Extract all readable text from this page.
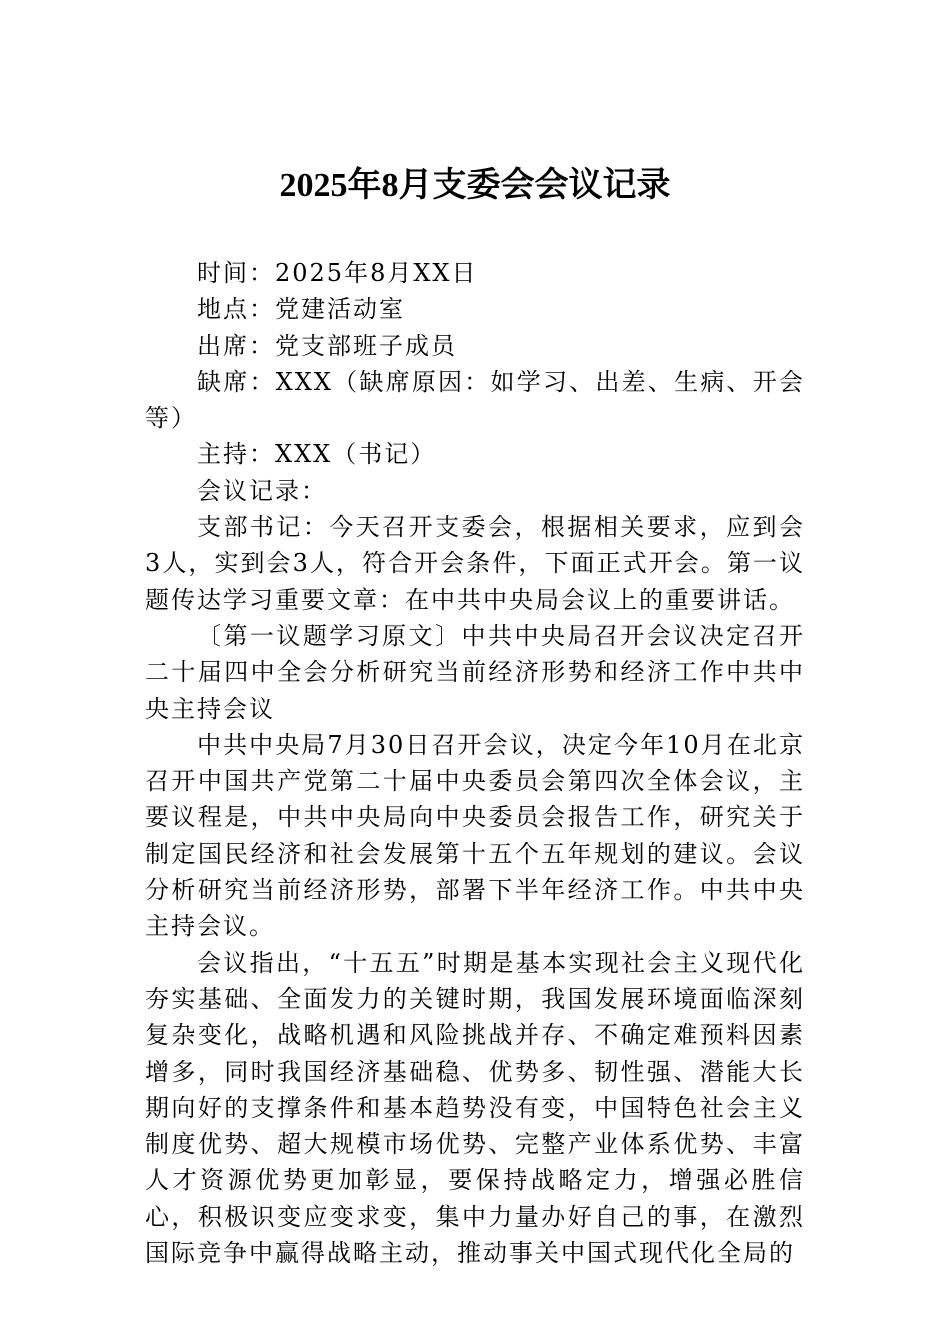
2025年8月支委会会议记录

时间：2025年8月XX日

地点：党建活动室

出席：党支部班子成员

缺席：XXX（缺席原因：如学习、出差、生病、开会等）

主持：XXX（书记）

会议记录：

支部书记：今天召开支委会，根据相关要求，应到会3人，实到会3人，符合开会条件，下面正式开会。第一议题传达学习重要文章：在中共中央局会议上的重要讲话。

〔第一议题学习原文〕中共中央局召开会议决定召开二十届四中全会分析研究当前经济形势和经济工作中共中央主持会议

中共中央局7月30日召开会议，决定今年10月在北京召开中国共产党第二十届中央委员会第四次全体会议，主要议程是，中共中央局向中央委员会报告工作，研究关于制定国民经济和社会发展第十五个五年规划的建议。会议分析研究当前经济形势，部署下半年经济工作。中共中央主持会议。

会议指出，“十五五”时期是基本实现社会主义现代化夯实基础、全面发力的关键时期，我国发展环境面临深刻复杂变化，战略机遇和风险挑战并存、不确定难预料因素增多，同时我国经济基础稳、优势多、韧性强、潜能大长期向好的支撑条件和基本趋势没有变，中国特色社会主义制度优势、超大规模市场优势、完整产业体系优势、丰富人才资源优势更加彰显，要保持战略定力，增强必胜信心，积极识变应变求变，集中力量办好自己的事，在激烈国际竞争中赢得战略主动，推动事关中国式现代化全局的
